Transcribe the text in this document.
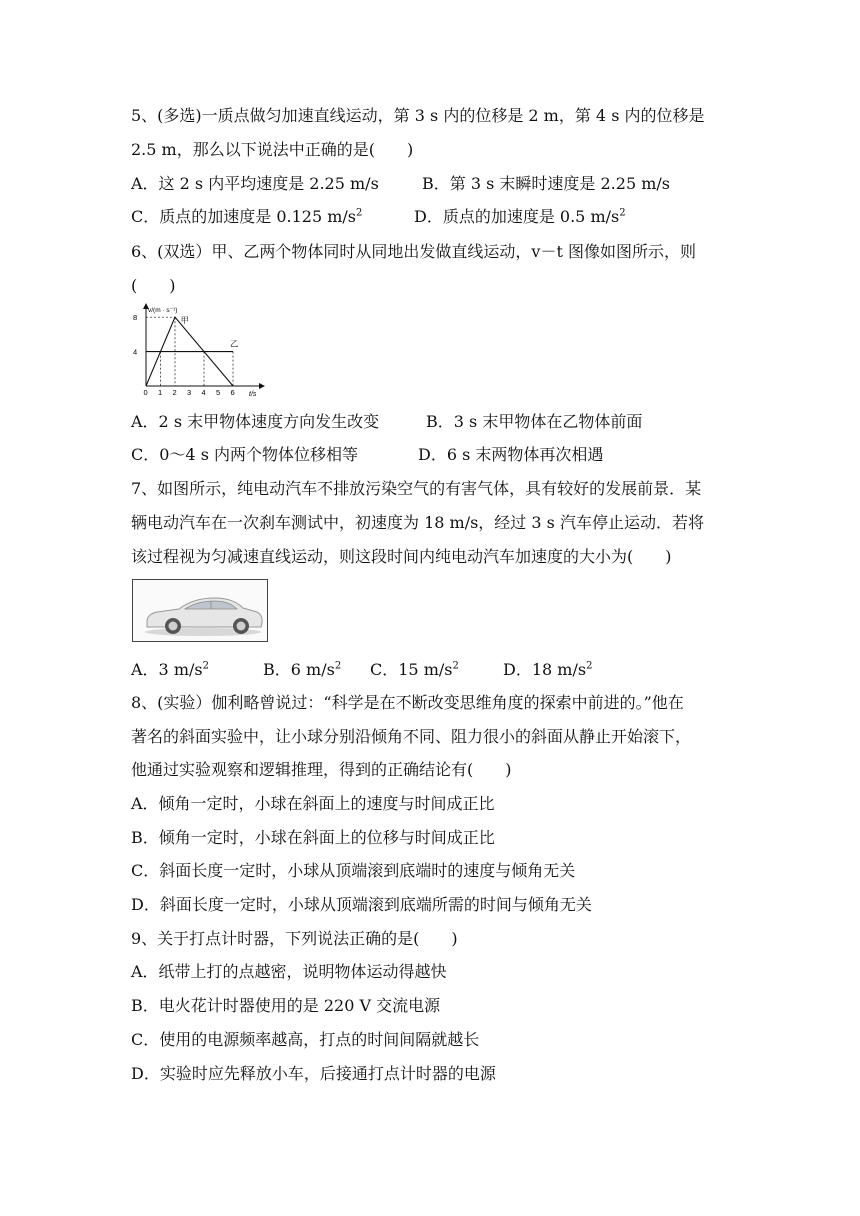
5、(多选)一质点做匀加速直线运动，第 3 s 内的位移是 2 m，第 4 s 内的位移是
2.5 m，那么以下说法中正确的是(　　)
A．这 2 s 内平均速度是 2.25 m/s	B．第 3 s 末瞬时速度是 2.25 m/s
C．质点的加速度是 0.125 $m/s^2$	D．质点的加速度是 0.5 $m/s^2$
6、(双选）甲、乙两个物体同时从同地出发做直线运动，v－t 图像如图所示，则
(　　)
v/(m · s⁻¹)
t/s
0 1 2 3 4 5 6
8
4
甲
乙
A．2 s 末甲物体速度方向发生改变	B．3 s 末甲物体在乙物体前面
C．0～4 s 内两个物体位移相等	D．6 s 末两物体再次相遇
7、如图所示，纯电动汽车不排放污染空气的有害气体，具有较好的发展前景．某
辆电动汽车在一次刹车测试中，初速度为 18 m/s，经过 3 s 汽车停止运动．若将
该过程视为匀减速直线运动，则这段时间内纯电动汽车加速度的大小为(　　)
A．3 $m/s^2$	B．6 $m/s^2$ C．15 $m/s^2$	D．18 $m/s^2$
8、(实验）伽利略曾说过：“科学是在不断改变思维角度的探索中前进的。”他在
著名的斜面实验中，让小球分别沿倾角不同、阻力很小的斜面从静止开始滚下，
他通过实验观察和逻辑推理，得到的正确结论有(　　)
A．倾角一定时，小球在斜面上的速度与时间成正比
B．倾角一定时，小球在斜面上的位移与时间成正比
C．斜面长度一定时，小球从顶端滚到底端时的速度与倾角无关
D．斜面长度一定时，小球从顶端滚到底端所需的时间与倾角无关
9、关于打点计时器，下列说法正确的是(　　)
A．纸带上打的点越密，说明物体运动得越快
B．电火花计时器使用的是 220 V 交流电源
C．使用的电源频率越高，打点的时间间隔就越长
D．实验时应先释放小车，后接通打点计时器的电源
